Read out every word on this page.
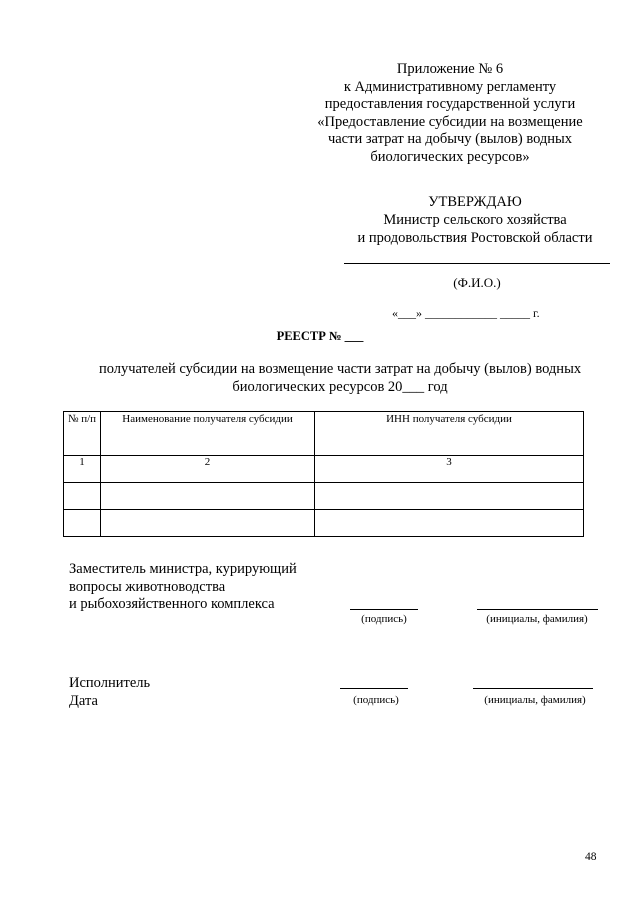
Приложение № 6
к Административному регламенту
предоставления государственной услуги
«Предоставление субсидии на возмещение
части затрат на добычу (вылов) водных
биологических ресурсов»
УТВЕРЖДАЮ
Министр сельского хозяйства
и продовольствия Ростовской области
(Ф.И.О.)
«___» ____________ _____ г.
РЕЕСТР № ___
получателей субсидии на возмещение части затрат на добычу (вылов) водных
биологических ресурсов 20___ год
№ п/п	Наименование получателя субсидии	ИНН получателя субсидии
1	2	3

Заместитель министра, курирующий
вопросы животноводства
и рыбохозяйственного комплекса
(подпись)	(инициалы, фамилия)
Исполнитель
Дата	(подпись)	(инициалы, фамилия)
48
